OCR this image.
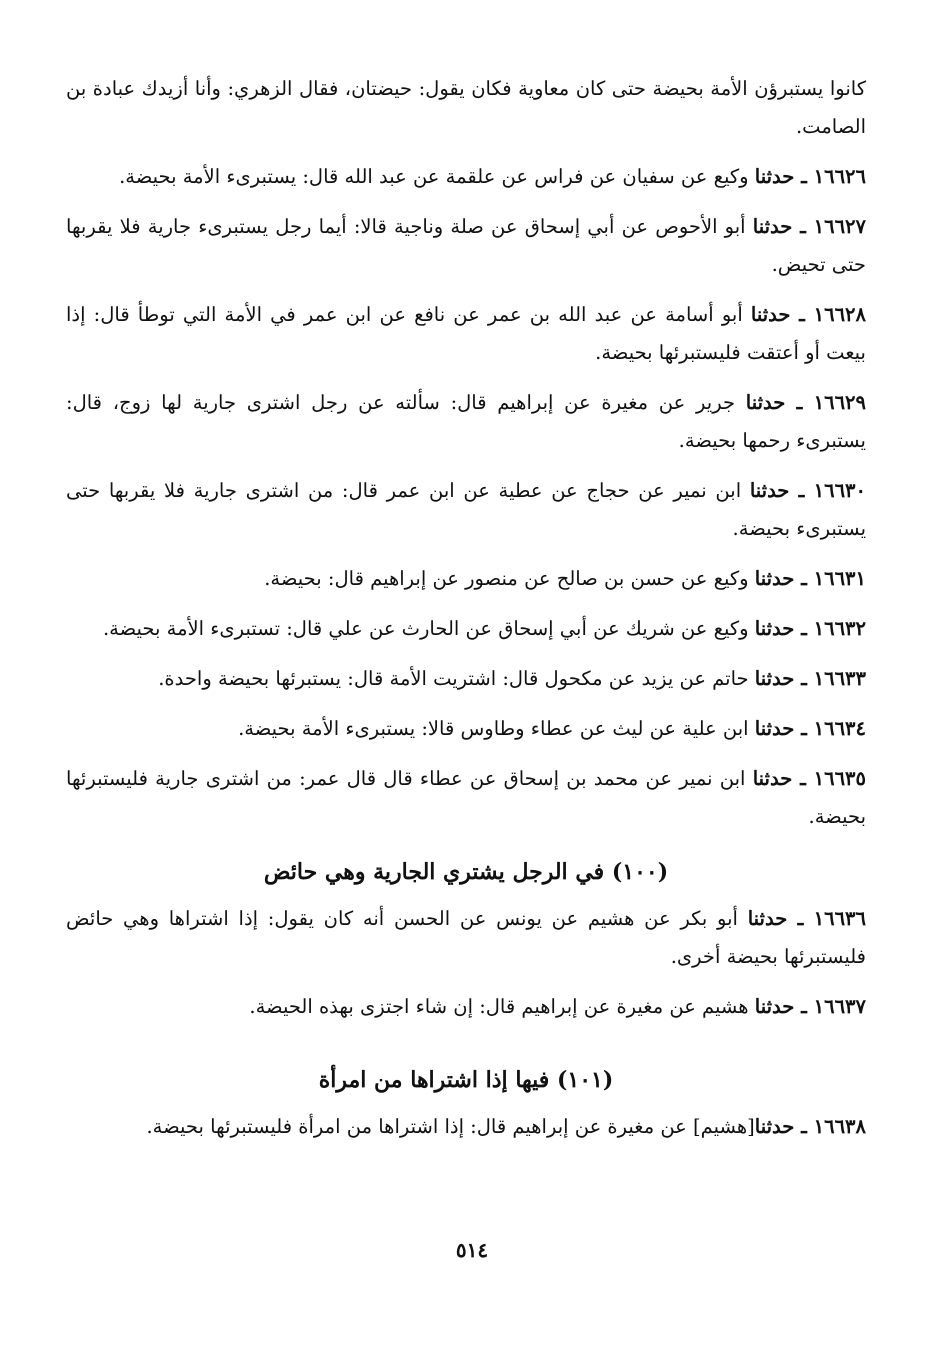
كانوا يستبرؤن الأمة بحيضة حتى كان معاوية فكان يقول: حيضتان، فقال الزهري: وأنا أزيدك عبادة بن الصامت.

١٦٦٢٦ ـ حدثنا وكيع عن سفيان عن فراس عن علقمة عن عبد الله قال: يستبرىء الأمة بحيضة.

١٦٦٢٧ ـ حدثنا أبو الأحوص عن أبي إسحاق عن صلة وناجية قالا: أيما رجل يستبرىء جارية فلا يقربها حتى تحيض.

١٦٦٢٨ ـ حدثنا أبو أسامة عن عبد الله بن عمر عن نافع عن ابن عمر في الأمة التي توطأ قال: إذا بيعت أو أعتقت فليستبرئها بحيضة.

١٦٦٢٩ ـ حدثنا جرير عن مغيرة عن إبراهيم قال: سألته عن رجل اشترى جارية لها زوج، قال: يستبرىء رحمها بحيضة.

١٦٦٣٠ ـ حدثنا ابن نمير عن حجاج عن عطية عن ابن عمر قال: من اشترى جارية فلا يقربها حتى يستبرىء بحيضة.

١٦٦٣١ ـ حدثنا وكيع عن حسن بن صالح عن منصور عن إبراهيم قال: بحيضة.

١٦٦٣٢ ـ حدثنا وكيع عن شريك عن أبي إسحاق عن الحارث عن علي قال: تستبرىء الأمة بحيضة.

١٦٦٣٣ ـ حدثنا حاتم عن يزيد عن مكحول قال: اشتريت الأمة قال: يستبرئها بحيضة واحدة.

١٦٦٣٤ ـ حدثنا ابن علية عن ليث عن عطاء وطاوس قالا: يستبرىء الأمة بحيضة.

١٦٦٣٥ ـ حدثنا ابن نمير عن محمد بن إسحاق عن عطاء قال قال عمر: من اشترى جارية فليستبرئها بحيضة.

(١٠٠) في الرجل يشتري الجارية وهي حائض

١٦٦٣٦ ـ حدثنا أبو بكر عن هشيم عن يونس عن الحسن أنه كان يقول: إذا اشتراها وهي حائض فليستبرئها بحيضة أخرى.

١٦٦٣٧ ـ حدثنا هشيم عن مغيرة عن إبراهيم قال: إن شاء اجتزى بهذه الحيضة.

(١٠١) فيها إذا اشتراها من امرأة

١٦٦٣٨ ـ حدثنا[هشيم] عن مغيرة عن إبراهيم قال: إذا اشتراها من امرأة فليستبرئها بحيضة.

٥١٤
